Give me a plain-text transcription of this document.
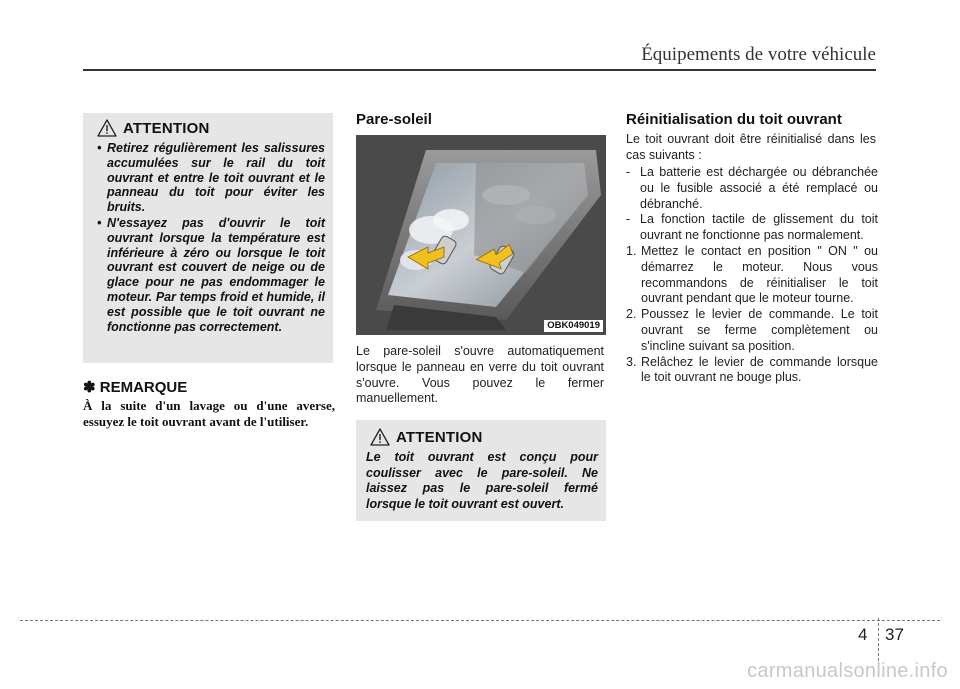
Équipements de votre véhicule
ATTENTION
• Retirez régulièrement les salissures accumulées sur le rail du toit ouvrant et entre le toit ouvrant et le panneau du toit pour éviter les bruits.
• N'essayez pas d'ouvrir le toit ouvrant lorsque la température est inférieure à zéro ou lorsque le toit ouvrant est couvert de neige ou de glace pour ne pas endommager le moteur. Par temps froid et humide, il est possible que le toit ouvrant ne fonctionne pas correctement.
✽ REMARQUE
À la suite d'un lavage ou d'une averse, essuyez le toit ouvrant avant de l'utiliser.
Pare-soleil
OBK049019
Le pare-soleil s'ouvre automatiquement lorsque le panneau en verre du toit ouvrant s'ouvre. Vous pouvez le fermer manuellement.
ATTENTION

Le toit ouvrant est conçu pour coulisser avec le pare-soleil. Ne laissez pas le pare-soleil fermé lorsque le toit ouvrant est ouvert.

Réinitialisation du toit ouvrant
Le toit ouvrant doit être réinitialisé dans les cas suivants :
- La batterie est déchargée ou débranchée ou le fusible associé a été remplacé ou débranché.
- La fonction tactile de glissement du toit ouvrant ne fonctionne pas normalement.
1. Mettez le contact en position " ON " ou démarrez le moteur. Nous vous recommandons de réinitialiser le toit ouvrant pendant que le moteur tourne.
2. Poussez le levier de commande. Le toit ouvrant se ferme complètement ou s'incline suivant sa position.
3. Relâchez le levier de commande lorsque le toit ouvrant ne bouge plus.
4 37
carmanualsonline.info
